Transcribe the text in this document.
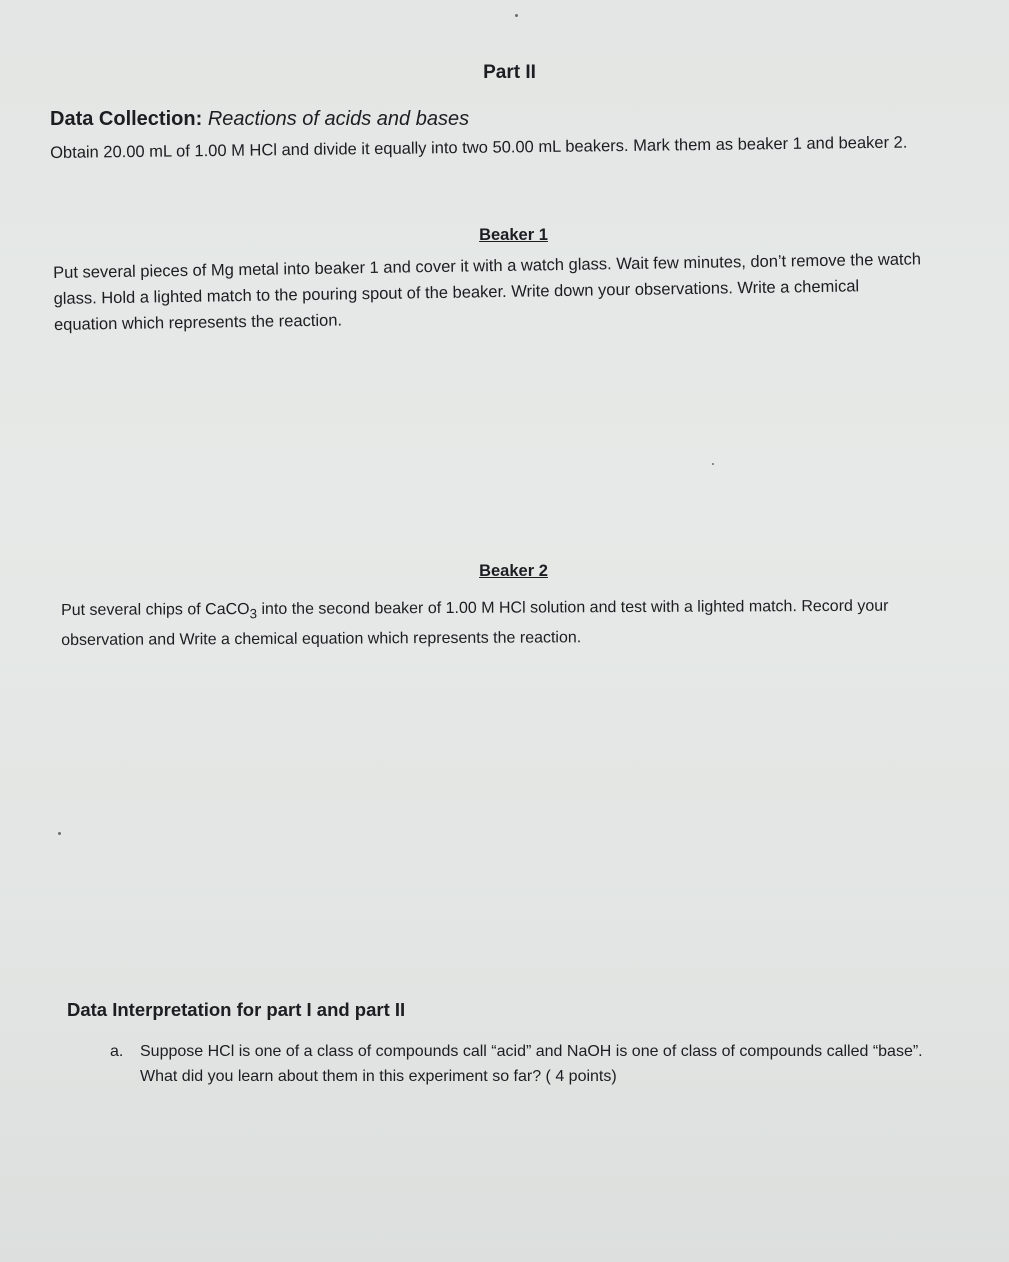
Part II
Data Collection: Reactions of acids and bases
Obtain 20.00 mL of 1.00 M HCl and divide it equally into two 50.00 mL beakers. Mark them as beaker 1 and beaker 2.
Beaker 1
Put several pieces of Mg metal into beaker 1 and cover it with a watch glass. Wait few minutes, don’t remove the watch glass. Hold a lighted match to the pouring spout of the beaker. Write down your observations. Write a chemical equation which represents the reaction.
Beaker 2
Put several chips of CaCO$_3$ into the second beaker of 1.00 M HCl solution and test with a lighted match. Record your observation and Write a chemical equation which represents the reaction.
Data Interpretation for part I and part II
a.	Suppose HCl is one of a class of compounds call “acid” and NaOH is one of class of compounds called “base”. What did you learn about them in this experiment so far? ( 4 points)
